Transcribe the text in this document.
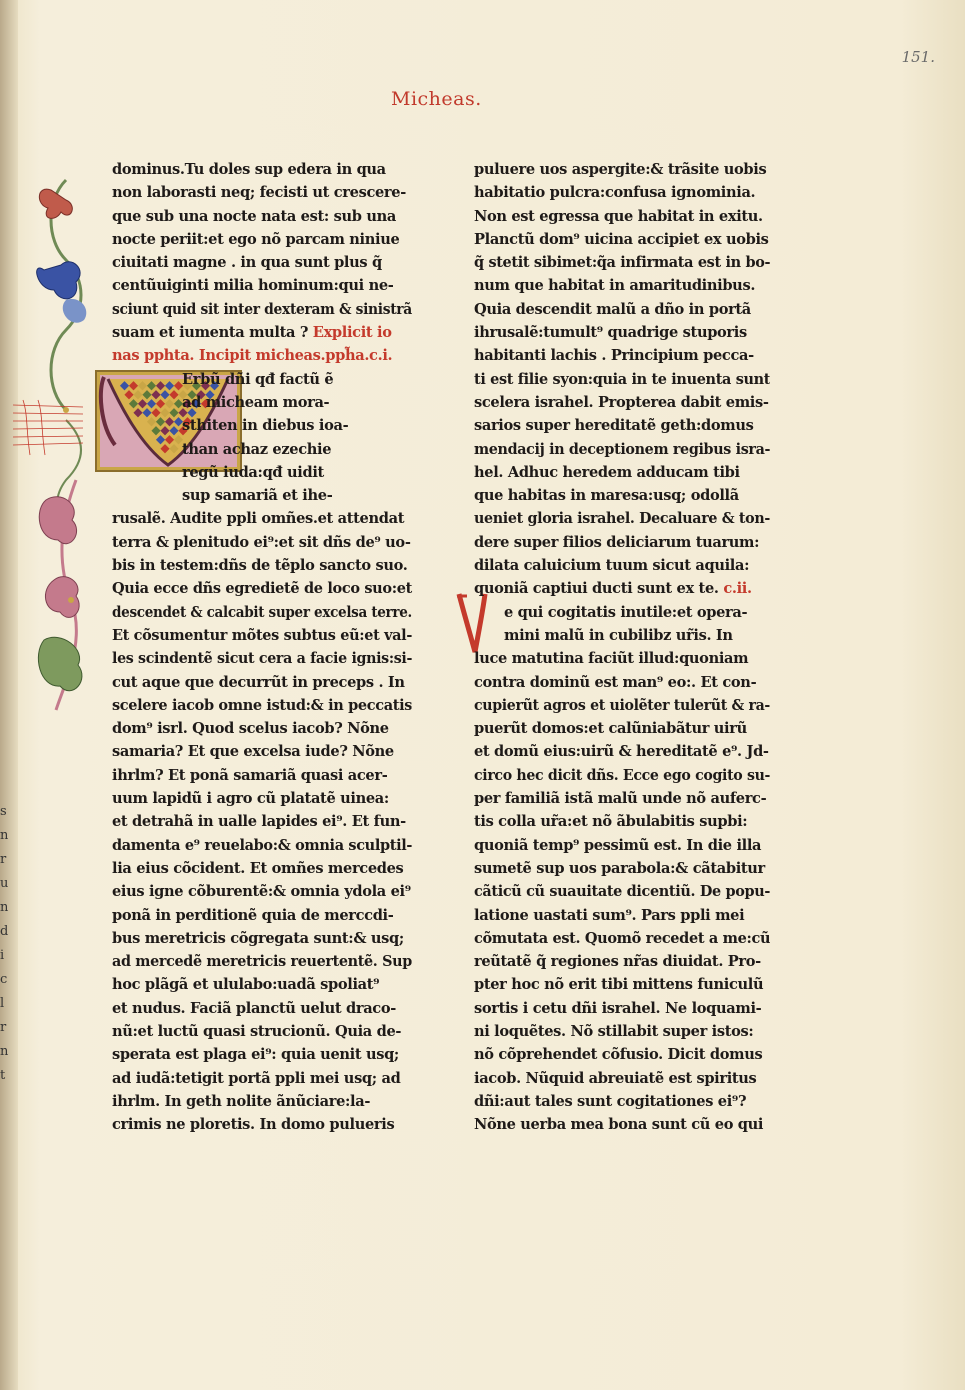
s
n
r
u
n
d
i
c
l
r
n
t
151.
Micheas.
dominus.Tu doles sup edera in qua
non laborasti neq; fecisti ut crescere-
que sub una nocte nata est: sub una
nocte periit:et ego nõ parcam niniue
ciuitati magne . in qua sunt plus q̃
centũuiginti milia hominum:qui ne-
sciunt quid sit inter dexteram & sinistrã
suam et iumenta multa ? Explicit io
nas pphta. Incipit micheas.pph̃a.c.i.
Erbũ dñi qđ factũ ẽ
ad micheam mora-
sthiten in diebus ioa-
than achaz ezechie
regũ iuda:qđ uidit
sup samariã et ihe-
rusalẽ. Audite ppli omñes.et attendat
terra & plenitudo ei⁹:et sit dñs de⁹ uo-
bis in testem:dñs de tẽplo sancto suo.
Quia ecce dñs egredietẽ de loco suo:et
descendet & calcabit super excelsa terre.
Et cõsumentur mõtes subtus eũ:et val-
les scindentẽ sicut cera a facie ignis:si-
cut aque que decurrũt in preceps . In
scelere iacob omne istud:& in peccatis
dom⁹ isrl. Quod scelus iacob? Nõne
samaria? Et que excelsa iude? Nõne
ihrlm? Et ponã samariã quasi acer-
uum lapidũ i agro cũ platatẽ uinea:
et detrahã in ualle lapides ei⁹. Et fun-
damenta e⁹ reuelabo:& omnia sculptil-
lia eius cõcident. Et omñes mercedes
eius igne cõburentẽ:& omnia ydola ei⁹
ponã in perditionẽ quia de merccdi-
bus meretricis cõgregata sunt:& usq;
ad mercedẽ meretricis reuertentẽ. Sup
hoc plãgã et ululabo:uadã spoliat⁹
et nudus. Faciã planctũ uelut draco-
nũ:et luctũ quasi strucionũ. Quia de-
sperata est plaga ei⁹: quia uenit usq;
ad iudã:tetigit portã ppli mei usq; ad
ihrlm. In geth nolite ãnũciare:la-
crimis ne ploretis. In domo pulueris
puluere uos aspergite:& trãsite uobis
habitatio pulcra:confusa ignominia.
Non est egressa que habitat in exitu.
Planctũ dom⁹ uicina accipiet ex uobis
q̃ stetit sibimet:q̃a infirmata est in bo-
num que habitat in amaritudinibus.
Quia descendit malũ a dño in portã
ihrusalẽ:tumult⁹ quadrige stuporis
habitanti lachis . Principium pecca-
ti est filie syon:quia in te inuenta sunt
scelera israhel. Propterea dabit emis-
sarios super hereditatẽ geth:domus
mendacij in deceptionem regibus isra-
hel. Adhuc heredem adducam tibi
que habitas in maresa:usq; odollã
ueniet gloria israhel. Decaluare & ton-
dere super filios deliciarum tuarum:
dilata caluicium tuum sicut aquila:
quoniã captiui ducti sunt ex te. c.ii.
e qui cogitatis inutile:et opera-
mini malũ in cubilibz ur̃is. In
luce matutina faciũt illud:quoniam
contra dominũ est man⁹ eo:. Et con-
cupierũt agros et uiolẽter tulerũt & ra-
puerũt domos:et calũniabãtur uirũ
et domũ eius:uirũ & hereditatẽ e⁹. Jd-
circo hec dicit dñs. Ecce ego cogito su-
per familiã istã malũ unde nõ auferc-
tis colla ur̃a:et nõ ãbulabitis supbi:
quoniã temp⁹ pessimũ est. In die illa
sumetẽ sup uos parabola:& cãtabitur
cãticũ cũ suauitate dicentiũ. De popu-
latione uastati sum⁹. Pars ppli mei
cõmutata est. Quomõ recedet a me:cũ
reũtatẽ q̃ regiones nr̃as diuidat. Pro-
pter hoc nõ erit tibi mittens funiculũ
sortis i cetu dñi israhel. Ne loquami-
ni loquẽtes. Nõ stillabit super istos:
nõ cõprehendet cõfusio. Dicit domus
iacob. Nũquid abreuiatẽ est spiritus
dñi:aut tales sunt cogitationes ei⁹?
Nõne uerba mea bona sunt cũ eo qui
